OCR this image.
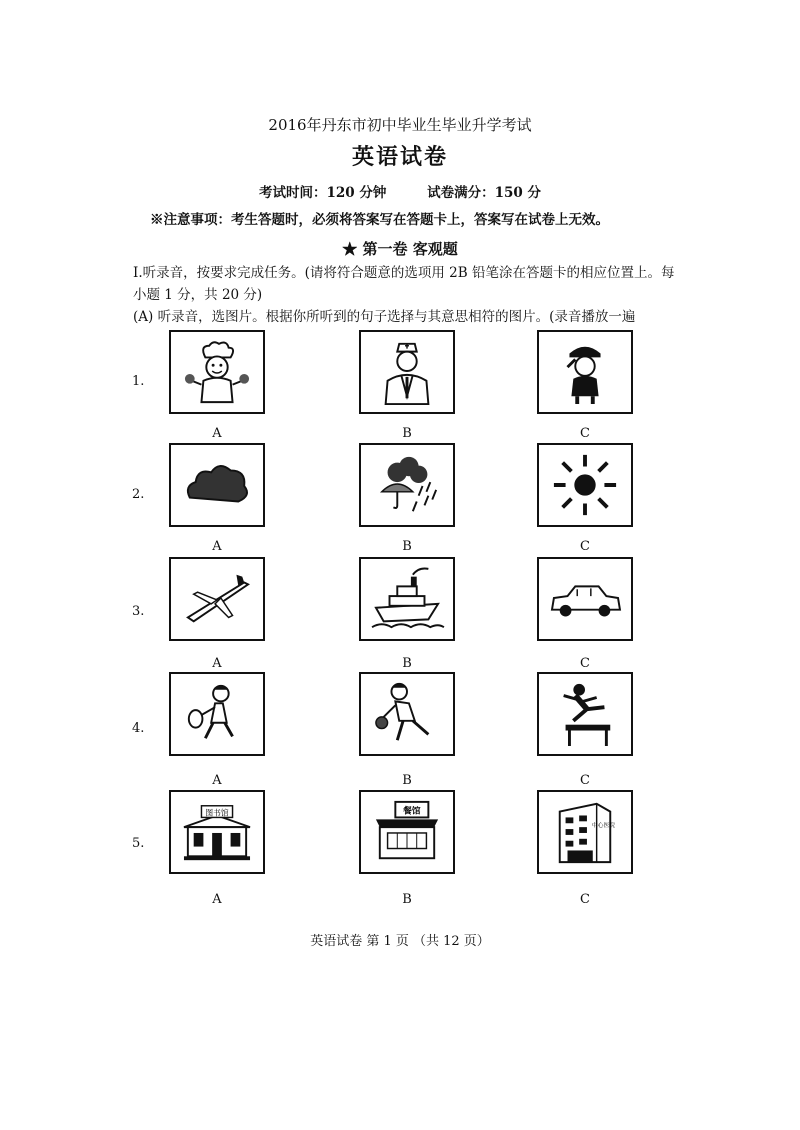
2016年丹东市初中毕业生毕业升学考试
英语试卷
考试时间：120 分钟	试卷满分：150 分
※注意事项：考生答题时，必须将答案写在答题卡上，答案写在试卷上无效。
★ 第一卷 客观题
Ⅰ.听录音，按要求完成任务。(请将符合题意的选项用 2B 铅笔涂在答题卡的相应位置上。每小题 1 分，共 20 分)
(A) 听录音，选图片。根据你所听到的句子选择与其意思相符的图片。(录音播放一遍
1.
A	B	C
2.
A	B	C
3.
A	B	C
4.
A	B	C
5.
图书馆
A
餐馆
B
中心医院
C
英语试卷 第 1 页 （共 12 页）
